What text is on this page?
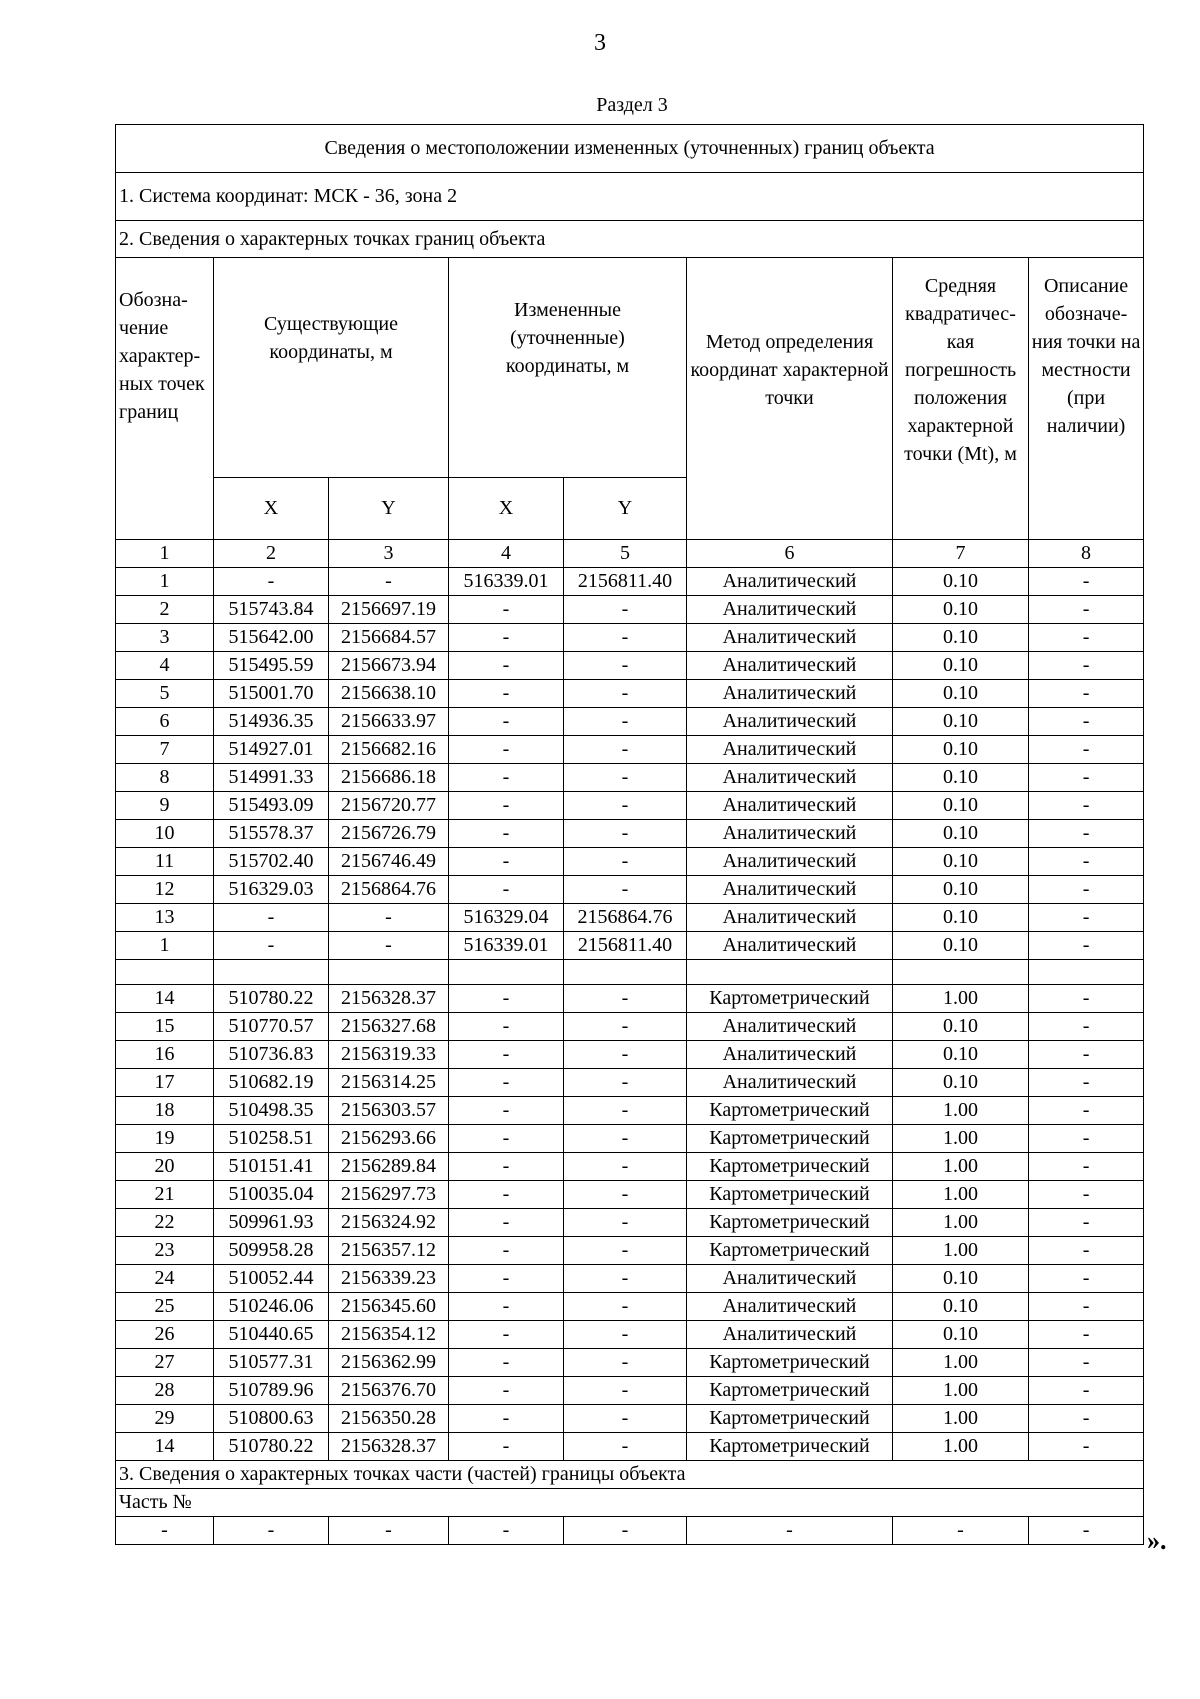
3
Раздел 3
Сведения о местоположении измененных (уточненных) границ объекта							
1. Система координат: МСК - 36, зона 2							
2. Сведения о характерных точках границ объекта							
Обозна- чение характер- ных точек границ	Существующие координаты, м		Измененные (уточненные) координаты, м		Метод определения координат характерной точки	Средняя квадратичес- кая погрешность положения характерной точки (Mt), м	Описание обозначе- ния точки на местности (при наличии)
	X	Y	X	Y			
1	2	3	4	5	6	7	8
1	-	-	516339.01	2156811.40	Аналитический	0.10	-
2	515743.84	2156697.19	-	-	Аналитический	0.10	-
3	515642.00	2156684.57	-	-	Аналитический	0.10	-
4	515495.59	2156673.94	-	-	Аналитический	0.10	-
5	515001.70	2156638.10	-	-	Аналитический	0.10	-
6	514936.35	2156633.97	-	-	Аналитический	0.10	-
7	514927.01	2156682.16	-	-	Аналитический	0.10	-
8	514991.33	2156686.18	-	-	Аналитический	0.10	-
9	515493.09	2156720.77	-	-	Аналитический	0.10	-
10	515578.37	2156726.79	-	-	Аналитический	0.10	-
11	515702.40	2156746.49	-	-	Аналитический	0.10	-
12	516329.03	2156864.76	-	-	Аналитический	0.10	-
13	-	-	516329.04	2156864.76	Аналитический	0.10	-
1	-	-	516339.01	2156811.40	Аналитический	0.10	-

14	510780.22	2156328.37	-	-	Картометрический	1.00	-
15	510770.57	2156327.68	-	-	Аналитический	0.10	-
16	510736.83	2156319.33	-	-	Аналитический	0.10	-
17	510682.19	2156314.25	-	-	Аналитический	0.10	-
18	510498.35	2156303.57	-	-	Картометрический	1.00	-
19	510258.51	2156293.66	-	-	Картометрический	1.00	-
20	510151.41	2156289.84	-	-	Картометрический	1.00	-
21	510035.04	2156297.73	-	-	Картометрический	1.00	-
22	509961.93	2156324.92	-	-	Картометрический	1.00	-
23	509958.28	2156357.12	-	-	Картометрический	1.00	-
24	510052.44	2156339.23	-	-	Аналитический	0.10	-
25	510246.06	2156345.60	-	-	Аналитический	0.10	-
26	510440.65	2156354.12	-	-	Аналитический	0.10	-
27	510577.31	2156362.99	-	-	Картометрический	1.00	-
28	510789.96	2156376.70	-	-	Картометрический	1.00	-
29	510800.63	2156350.28	-	-	Картометрический	1.00	-
14	510780.22	2156328.37	-	-	Картометрический	1.00	-
3. Сведения о характерных точках части (частей) границы объекта							
Часть №							
-	-	-	-	-	-	-	- ».
